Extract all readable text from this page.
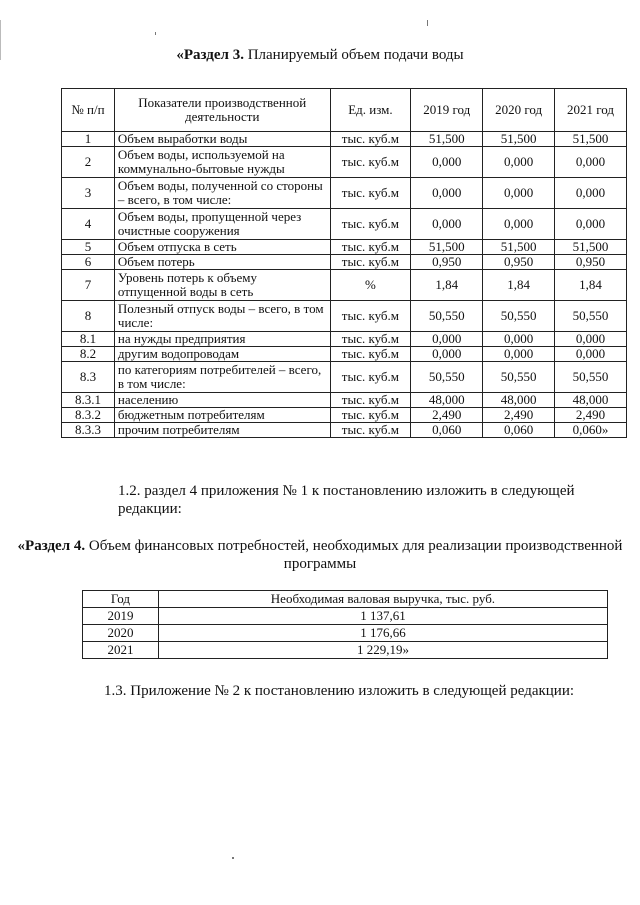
«Раздел 3. Планируемый объем подачи воды
№ п/п	Показатели производственной деятельности	Ед. изм.	2019 год	2020 год	2021 год
1	Объем выработки воды	тыс. куб.м	51,500	51,500	51,500
2	Объем воды, используемой на коммунально-бытовые нужды	тыс. куб.м	0,000	0,000	0,000
3	Объем воды, полученной со стороны – всего, в том числе:	тыс. куб.м	0,000	0,000	0,000
4	Объем воды, пропущенной через очистные сооружения	тыс. куб.м	0,000	0,000	0,000
5	Объем отпуска в сеть	тыс. куб.м	51,500	51,500	51,500
6	Объем потерь	тыс. куб.м	0,950	0,950	0,950
7	Уровень потерь к объему отпущенной воды в сеть	%	1,84	1,84	1,84
8	Полезный отпуск воды – всего, в том числе:	тыс. куб.м	50,550	50,550	50,550
8.1	на нужды предприятия	тыс. куб.м	0,000	0,000	0,000
8.2	другим водопроводам	тыс. куб.м	0,000	0,000	0,000
8.3	по категориям потребителей – всего, в том числе:	тыс. куб.м	50,550	50,550	50,550
8.3.1	населению	тыс. куб.м	48,000	48,000	48,000
8.3.2	бюджетным потребителям	тыс. куб.м	2,490	2,490	2,490
8.3.3	прочим потребителям	тыс. куб.м	0,060	0,060	0,060»
1.2. раздел 4 приложения № 1 к постановлению изложить в следующей редакции:
«Раздел 4. Объем финансовых потребностей, необходимых для реализации производственной программы
Год	Необходимая валовая выручка, тыс. руб.
2019	1 137,61
2020	1 176,66
2021	1 229,19»
1.3. Приложение № 2 к постановлению изложить в следующей редакции:
